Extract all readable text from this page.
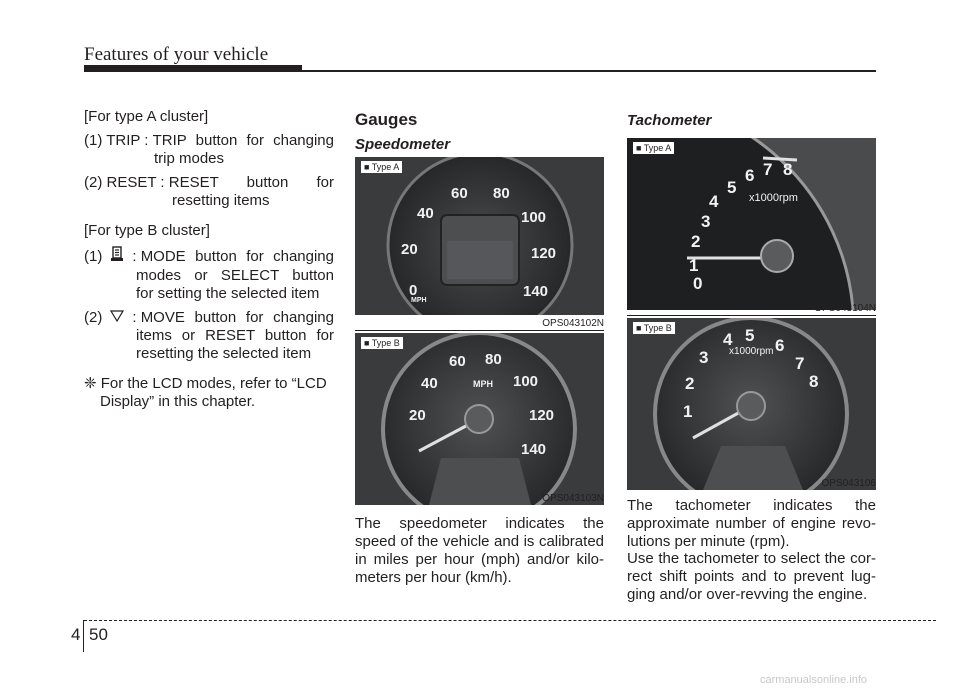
Features of your vehicle

[For type A cluster]

(1) TRIP : TRIP button for changing
trip modes
(2) RESET : RESET button for
resetting items

[For type B cluster]

(1) : MODE button for changing
modes or SELECT button
for setting the selected item
(2) : MOVE button for changing
items or RESET button for
resetting the selected item
❈ For the LCD modes, refer to “LCD
Display” in this chapter.
Gauges
Speedometer
■ Type A
0
20
40
60 80
100
120
140
MPH
OPS043102N
■ Type B
20
40
60 80
100
120
140
MPH
OPS043103N

The speedometer indicates the speed of the vehicle and is calibrated in miles per hour (mph) and/or kilo-meters per hour (km/h).

Tachometer
■ Type A
0
1
2
3
4
5
6 7 8
x1000rpm
OPS043104N
■ Type B
1
2
3
4 5
6
7
8
x1000rpm
OPS043106

The tachometer indicates the approximate number of engine revo-lutions per minute (rpm).

Use the tachometer to select the cor-rect shift points and to prevent lug-ging and/or over-revving the engine.

4 50
carmanualsonline.info
